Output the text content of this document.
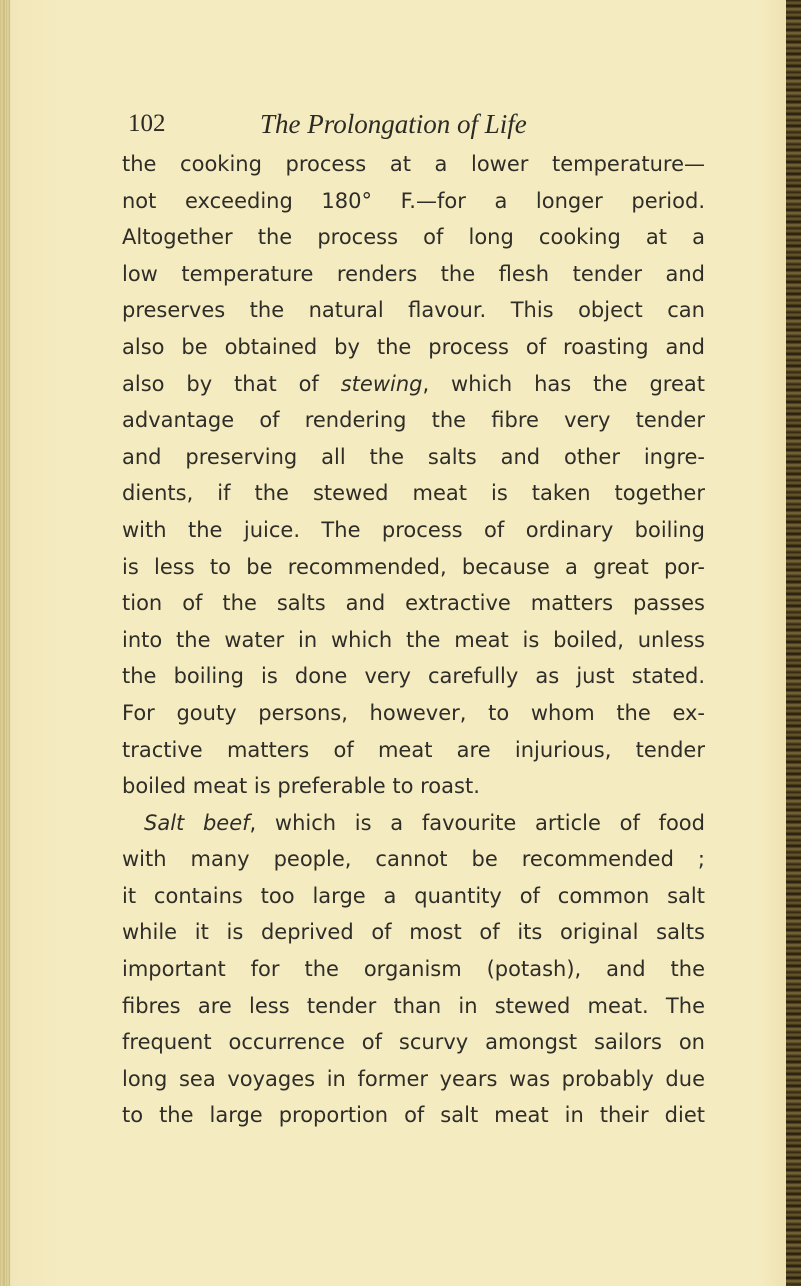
102	The Prolongation of Life
the cooking process at a lower temperature—
not exceeding 180° F.—for a longer period.
Altogether the process of long cooking at a
low temperature renders the flesh tender and
preserves the natural flavour. This object can
also be obtained by the process of roasting and
also by that of stewing, which has the great
advantage of rendering the fibre very tender
and preserving all the salts and other ingre-
dients, if the stewed meat is taken together
with the juice. The process of ordinary boiling
is less to be recommended, because a great por-
tion of the salts and extractive matters passes
into the water in which the meat is boiled, unless
the boiling is done very carefully as just stated.
For gouty persons, however, to whom the ex-
tractive matters of meat are injurious, tender
boiled meat is preferable to roast.
Salt beef, which is a favourite article of food
with many people, cannot be recommended ;
it contains too large a quantity of common salt
while it is deprived of most of its original salts
important for the organism (potash), and the
fibres are less tender than in stewed meat. The
frequent occurrence of scurvy amongst sailors on
long sea voyages in former years was probably due
to the large proportion of salt meat in their diet
